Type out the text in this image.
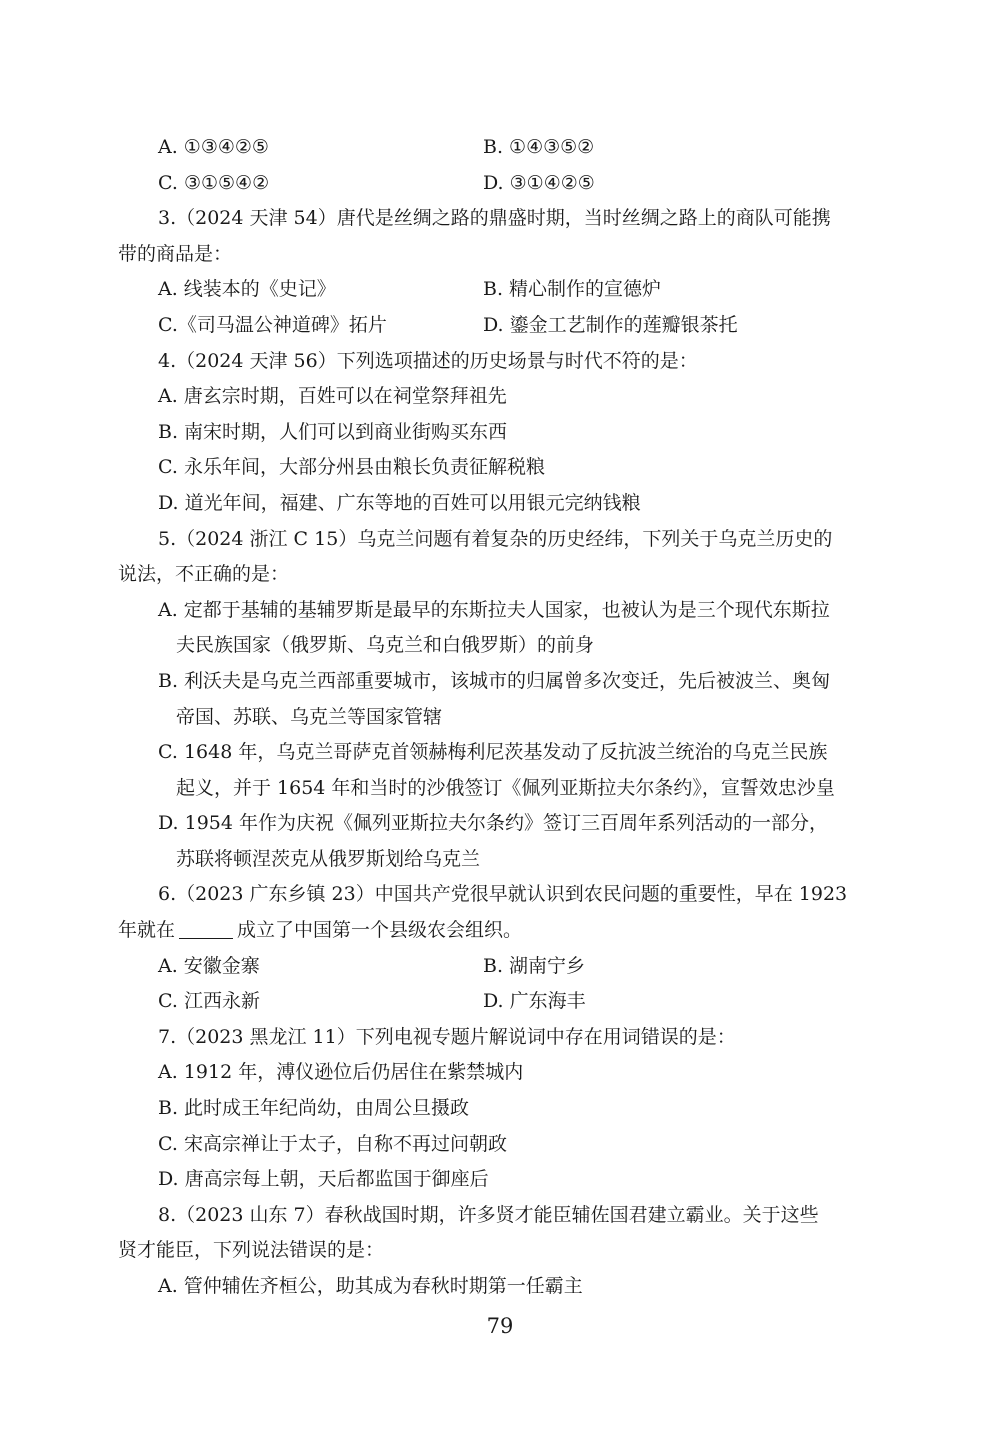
A. ①③④②⑤	B. ①④③⑤②
C. ③①⑤④②	D. ③①④②⑤
3.（2024 天津 54）唐代是丝绸之路的鼎盛时期，当时丝绸之路上的商队可能携
带的商品是：
A. 线装本的《史记》	B. 精心制作的宣德炉
C.《司马温公神道碑》拓片	D. 鎏金工艺制作的莲瓣银茶托
4.（2024 天津 56）下列选项描述的历史场景与时代不符的是：
A. 唐玄宗时期，百姓可以在祠堂祭拜祖先
B. 南宋时期，人们可以到商业街购买东西
C. 永乐年间，大部分州县由粮长负责征解税粮
D. 道光年间，福建、广东等地的百姓可以用银元完纳钱粮
5.（2024 浙江 C 15）乌克兰问题有着复杂的历史经纬，下列关于乌克兰历史的
说法，不正确的是：
A. 定都于基辅的基辅罗斯是最早的东斯拉夫人国家，也被认为是三个现代东斯拉
夫民族国家（俄罗斯、乌克兰和白俄罗斯）的前身
B. 利沃夫是乌克兰西部重要城市，该城市的归属曾多次变迁，先后被波兰、奥匈
帝国、苏联、乌克兰等国家管辖
C. 1648 年，乌克兰哥萨克首领赫梅利尼茨基发动了反抗波兰统治的乌克兰民族
起义，并于 1654 年和当时的沙俄签订《佩列亚斯拉夫尔条约》，宣誓效忠沙皇
D. 1954 年作为庆祝《佩列亚斯拉夫尔条约》签订三百周年系列活动的一部分，
苏联将顿涅茨克从俄罗斯划给乌克兰
6.（2023 广东乡镇 23）中国共产党很早就认识到农民问题的重要性，早在 1923
年就在	成立了中国第一个县级农会组织。
A. 安徽金寨	B. 湖南宁乡
C. 江西永新	D. 广东海丰
7.（2023 黑龙江 11）下列电视专题片解说词中存在用词错误的是：
A. 1912 年，溥仪逊位后仍居住在紫禁城内
B. 此时成王年纪尚幼，由周公旦摄政
C. 宋高宗禅让于太子，自称不再过问朝政
D. 唐高宗每上朝，天后都监国于御座后
8.（2023 山东 7）春秋战国时期，许多贤才能臣辅佐国君建立霸业。关于这些
贤才能臣，下列说法错误的是：
A. 管仲辅佐齐桓公，助其成为春秋时期第一任霸主
79
